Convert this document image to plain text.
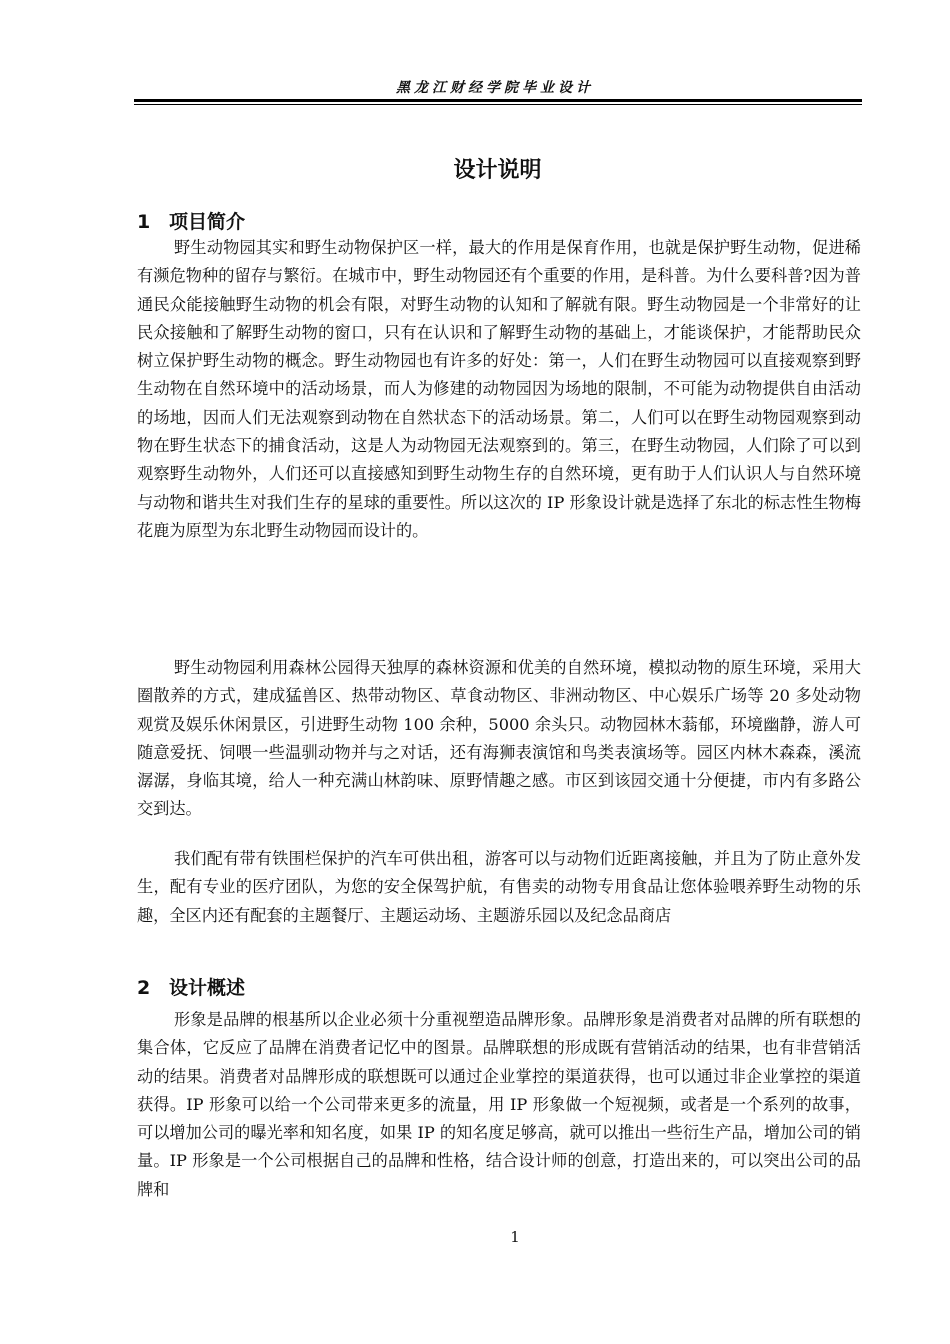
黑龙江财经学院毕业设计
设计说明
1 项目简介

野生动物园其实和野生动物保护区一样，最大的作用是保育作用，也就是保护野生动物，促进稀有濒危物种的留存与繁衍。在城市中，野生动物园还有个重要的作用，是科普。为什么要科普?因为普通民众能接触野生动物的机会有限，对野生动物的认知和了解就有限。野生动物园是一个非常好的让民众接触和了解野生动物的窗口，只有在认识和了解野生动物的基础上，才能谈保护，才能帮助民众树立保护野生动物的概念。野生动物园也有许多的好处：第一，人们在野生动物园可以直接观察到野生动物在自然环境中的活动场景，而人为修建的动物园因为场地的限制，不可能为动物提供自由活动的场地，因而人们无法观察到动物在自然状态下的活动场景。第二，人们可以在野生动物园观察到动物在野生状态下的捕食活动，这是人为动物园无法观察到的。第三，在野生动物园，人们除了可以到观察野生动物外，人们还可以直接感知到野生动物生存的自然环境，更有助于人们认识人与自然环境与动物和谐共生对我们生存的星球的重要性。所以这次的 IP 形象设计就是选择了东北的标志性生物梅花鹿为原型为东北野生动物园而设计的。

野生动物园利用森林公园得天独厚的森林资源和优美的自然环境，模拟动物的原生环境，采用大圈散养的方式，建成猛兽区、热带动物区、草食动物区、非洲动物区、中心娱乐广场等 20 多处动物观赏及娱乐休闲景区，引进野生动物 100 余种，5000 余头只。动物园林木蓊郁，环境幽静，游人可随意爱抚、饲喂一些温驯动物并与之对话，还有海狮表演馆和鸟类表演场等。园区内林木森森，溪流潺潺，身临其境，给人一种充满山林韵味、原野情趣之感。市区到该园交通十分便捷，市内有多路公交到达。

我们配有带有铁围栏保护的汽车可供出租，游客可以与动物们近距离接触，并且为了防止意外发生，配有专业的医疗团队，为您的安全保驾护航，有售卖的动物专用食品让您体验喂养野生动物的乐趣，全区内还有配套的主题餐厅、主题运动场、主题游乐园以及纪念品商店

2 设计概述

形象是品牌的根基所以企业必须十分重视塑造品牌形象。品牌形象是消费者对品牌的所有联想的集合体，它反应了品牌在消费者记忆中的图景。品牌联想的形成既有营销活动的结果，也有非营销活动的结果。消费者对品牌形成的联想既可以通过企业掌控的渠道获得，也可以通过非企业掌控的渠道获得。IP 形象可以给一个公司带来更多的流量，用 IP 形象做一个短视频，或者是一个系列的故事，可以增加公司的曝光率和知名度，如果 IP 的知名度足够高，就可以推出一些衍生产品，增加公司的销量。IP 形象是一个公司根据自己的品牌和性格，结合设计师的创意，打造出来的，可以突出公司的品牌和

1
